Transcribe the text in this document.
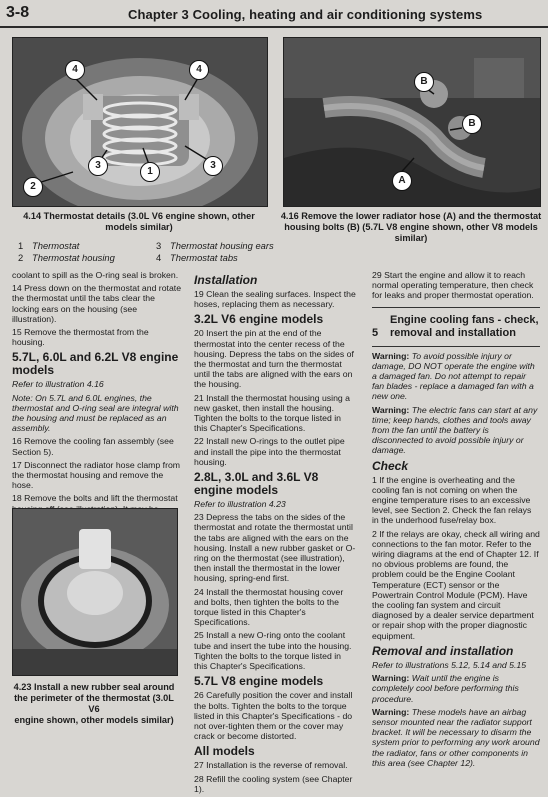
3-8	Chapter 3 Cooling, heating and air conditioning systems
4	4
3	3
1
2
4.14 Thermostat details (3.0L V6 engine shown, other
models similar)
B
B
A
4.16 Remove the lower radiator hose (A) and the thermostat
housing bolts (B) (5.7L V8 engine shown, other V8 models similar)
1 Thermostat
2 Thermostat housing
3 Thermostat housing ears
4 Thermostat tabs

coolant to spill as the O-ring seal is broken.

14 Press down on the thermostat and rotate the thermostat until the tabs clear the locking ears on the housing (see illustration).

15 Remove the thermostat from the housing.

5.7L, 6.0L and 6.2L V8 engine models

Refer to illustration 4.16

Note: On 5.7L and 6.0L engines, the thermostat and O-ring seal are integral with the housing and must be replaced as an assembly.

16 Remove the cooling fan assembly (see Section 5).

17 Disconnect the radiator hose clamp from the thermostat housing and remove the hose.

18 Remove the bolts and lift the thermostat

4.23 Install a new rubber seal around
the perimeter of the thermostat (3.0L V6
engine shown, other models similar)
Installation

19 Clean the sealing surfaces. Inspect the hoses, replacing them as necessary.

3.2L V6 engine models

20 Insert the pin at the end of the thermostat into the center recess of the housing. Depress the tabs on the sides of the thermostat and turn the thermostat until the tabs are aligned with the ears on the housing.

21 Install the thermostat housing using a new gasket, then install the housing. Tighten the bolts to the torque listed in this Chapter's Specifications.

22 Install new O-rings to the outlet pipe and install the pipe into the thermostat housing.

2.8L, 3.0L and 3.6L V8 engine models

Refer to illustration 4.23

23 Depress the tabs on the sides of the thermostat and rotate the thermostat until the tabs are aligned with the ears on the housing. Install a new rubber gasket or O-ring on the thermostat (see illustration), then install the thermostat in the lower housing, spring-end first.

24 Install the thermostat housing cover and bolts, then tighten the bolts to the torque listed in this Chapter's Specifications.

25 Install a new O-ring onto the coolant tube and insert the tube into the housing. Tighten the bolts to the torque listed in this Chapter's Specifications.

5.7L V8 engine models

26 Carefully position the cover and install the bolts. Tighten the bolts to the torque listed in this Chapter's Specifications - do not over-tighten them or the cover may crack or become distorted.

All models

27 Installation is the reverse of removal.

28 Refill the cooling system (see Chapter 1).

29 Start the engine and allow it to reach normal operating temperature, then check for leaks and proper thermostat operation.

5Engine cooling fans - check,
removal and installation

Warning: To avoid possible injury or damage, DO NOT operate the engine with a damaged fan. Do not attempt to repair fan blades - replace a damaged fan with a new one.

Warning: The electric fans can start at any time; keep hands, clothes and tools away from the fan until the battery is disconnected to avoid possible injury or damage.

Check

1 If the engine is overheating and the cooling fan is not coming on when the engine temperature rises to an excessive level, see Section 2. Check the fan relays in the underhood fuse/relay box.

2 If the relays are okay, check all wiring and connections to the fan motor. Refer to the wiring diagrams at the end of Chapter 12. If no obvious problems are found, the problem could be the Engine Coolant Temperature (ECT) sensor or the Powertrain Control Module (PCM). Have the cooling fan system and circuit diagnosed by a dealer service department or repair shop with the proper diagnostic equipment.

Removal and installation

Refer to illustrations 5.12, 5.14 and 5.15

Warning: Wait until the engine is completely cool before performing this procedure.

Warning: These models have an airbag sensor mounted near the radiator support bracket. It will be necessary to disarm the system prior to performing any work around the radiator, fans or other components in this area (see Chapter 12).
